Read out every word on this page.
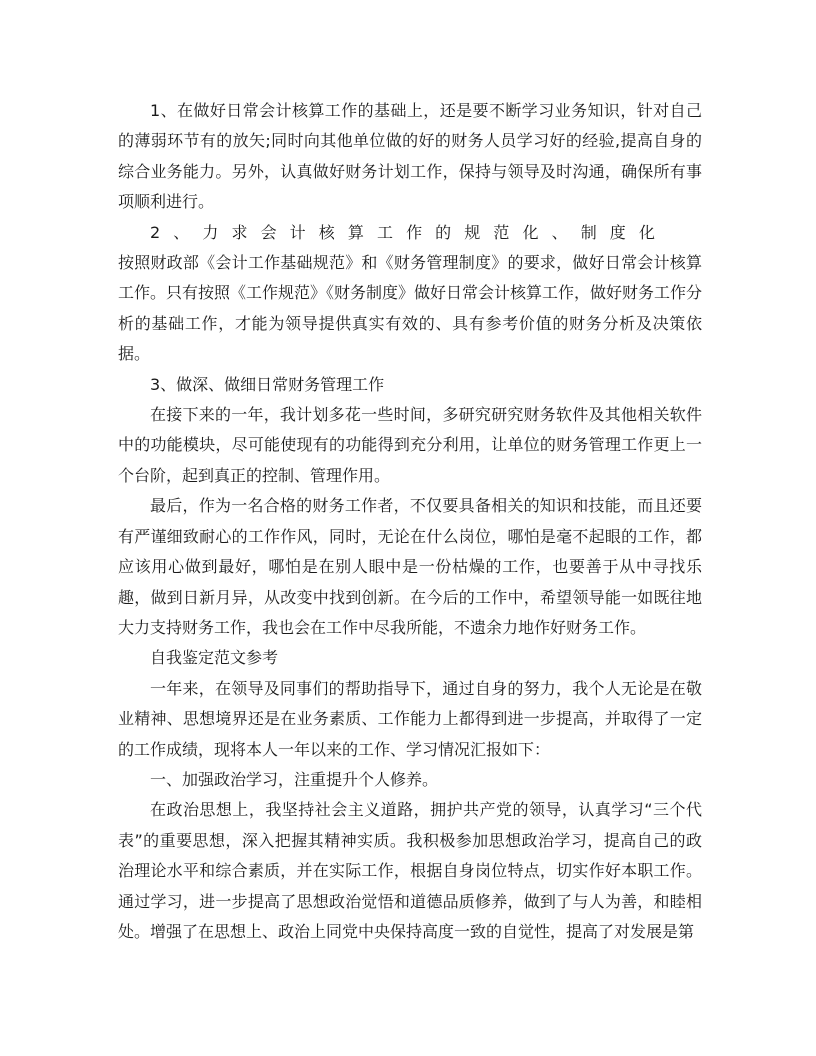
1、在做好日常会计核算工作的基础上，还是要不断学习业务知识，针对自己的薄弱环节有的放矢;同时向其他单位做的好的财务人员学习好的经验,提高自身的综合业务能力。另外，认真做好财务计划工作，保持与领导及时沟通，确保所有事项顺利进行。

2、力求会计核算工作的规范化、制度化按照财政部《会计工作基础规范》和《财务管理制度》的要求，做好日常会计核算工作。只有按照《工作规范》《财务制度》做好日常会计核算工作，做好财务工作分析的基础工作，才能为领导提供真实有效的、具有参考价值的财务分析及决策依据。

3、做深、做细日常财务管理工作

在接下来的一年，我计划多花一些时间，多研究研究财务软件及其他相关软件中的功能模块，尽可能使现有的功能得到充分利用，让单位的财务管理工作更上一个台阶，起到真正的控制、管理作用。

最后，作为一名合格的财务工作者，不仅要具备相关的知识和技能，而且还要有严谨细致耐心的工作作风，同时，无论在什么岗位，哪怕是毫不起眼的工作，都应该用心做到最好，哪怕是在别人眼中是一份枯燥的工作，也要善于从中寻找乐趣，做到日新月异，从改变中找到创新。在今后的工作中，希望领导能一如既往地大力支持财务工作，我也会在工作中尽我所能，不遗余力地作好财务工作。

自我鉴定范文参考

一年来，在领导及同事们的帮助指导下，通过自身的努力，我个人无论是在敬业精神、思想境界还是在业务素质、工作能力上都得到进一步提高，并取得了一定的工作成绩，现将本人一年以来的工作、学习情况汇报如下：

一、加强政治学习，注重提升个人修养。

在政治思想上，我坚持社会主义道路，拥护共产党的领导，认真学习“三个代表”的重要思想，深入把握其精神实质。我积极参加思想政治学习，提高自己的政治理论水平和综合素质，并在实际工作，根据自身岗位特点，切实作好本职工作。通过学习，进一步提高了思想政治觉悟和道德品质修养，做到了与人为善，和睦相处。增强了在思想上、政治上同党中央保持高度一致的自觉性，提高了对发展是第
